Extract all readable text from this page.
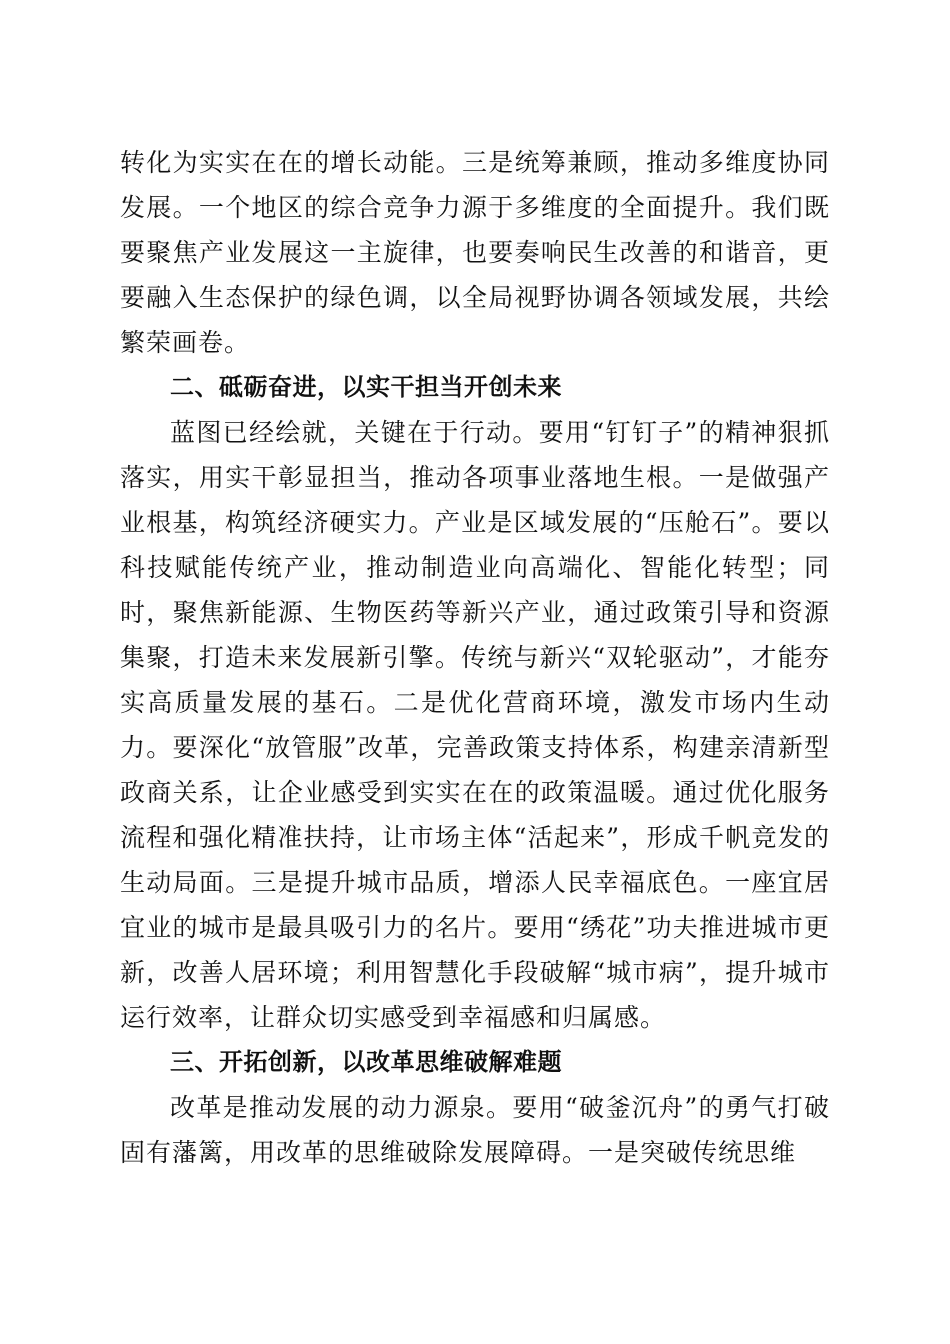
转化为实实在在的增长动能。三是统筹兼顾，推动多维度协同发展。一个地区的综合竞争力源于多维度的全面提升。我们既要聚焦产业发展这一主旋律，也要奏响民生改善的和谐音，更要融入生态保护的绿色调，以全局视野协调各领域发展，共绘繁荣画卷。

二、砥砺奋进，以实干担当开创未来

蓝图已经绘就，关键在于行动。要用“钉钉子”的精神狠抓落实，用实干彰显担当，推动各项事业落地生根。一是做强产业根基，构筑经济硬实力。产业是区域发展的“压舱石”。要以科技赋能传统产业，推动制造业向高端化、智能化转型；同时，聚焦新能源、生物医药等新兴产业，通过政策引导和资源集聚，打造未来发展新引擎。传统与新兴“双轮驱动”，才能夯实高质量发展的基石。二是优化营商环境，激发市场内生动力。要深化“放管服”改革，完善政策支持体系，构建亲清新型政商关系，让企业感受到实实在在的政策温暖。通过优化服务流程和强化精准扶持，让市场主体“活起来”，形成千帆竞发的生动局面。三是提升城市品质，增添人民幸福底色。一座宜居宜业的城市是最具吸引力的名片。要用“绣花”功夫推进城市更新，改善人居环境；利用智慧化手段破解“城市病”，提升城市运行效率，让群众切实感受到幸福感和归属感。

三、开拓创新，以改革思维破解难题

改革是推动发展的动力源泉。要用“破釜沉舟”的勇气打破固有藩篱，用改革的思维破除发展障碍。一是突破传统思维
